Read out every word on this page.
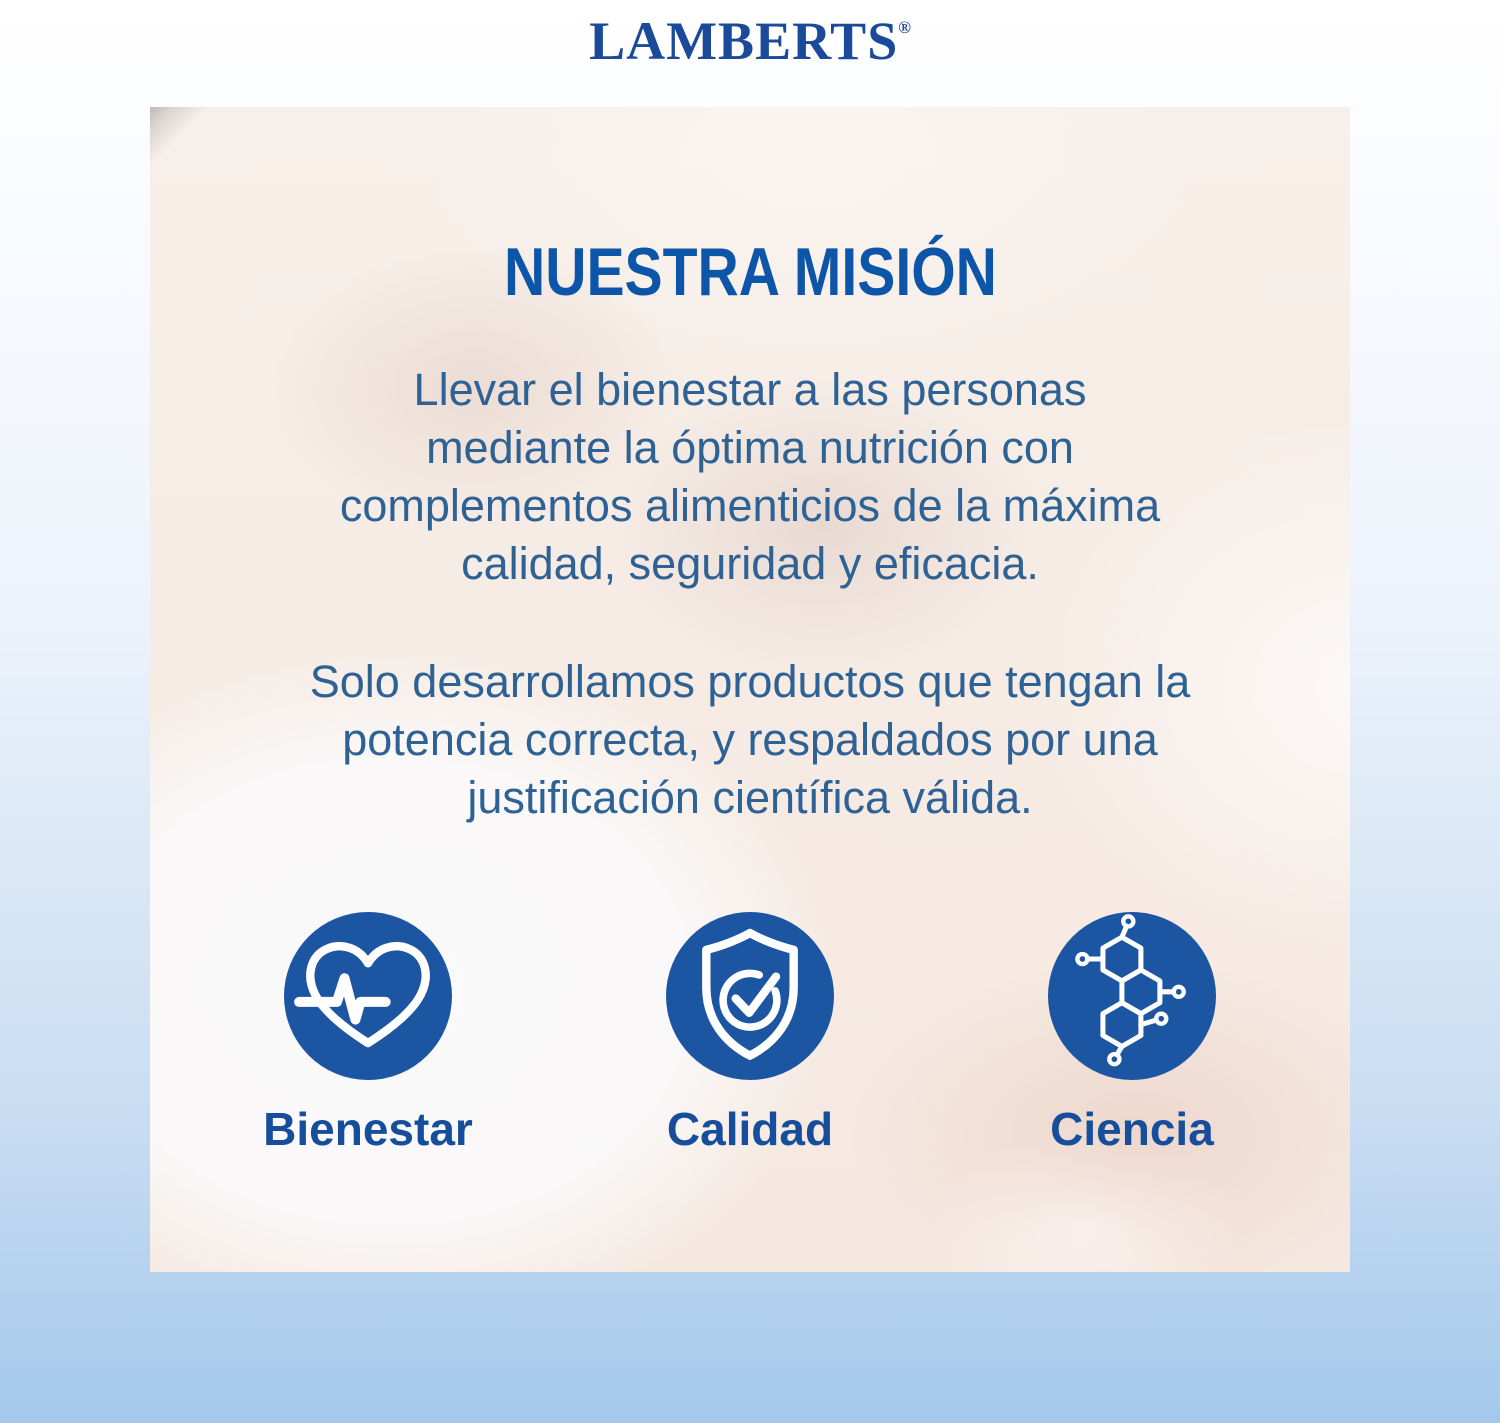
LAMBERTS®
NUESTRA MISIÓN
Llevar el bienestar a las personas
mediante la óptima nutrición con
complementos alimenticios de la máxima
calidad, seguridad y eficacia.
Solo desarrollamos productos que tengan la
potencia correcta, y respaldados por una
justificación científica válida.
Bienestar	Calidad	Ciencia
